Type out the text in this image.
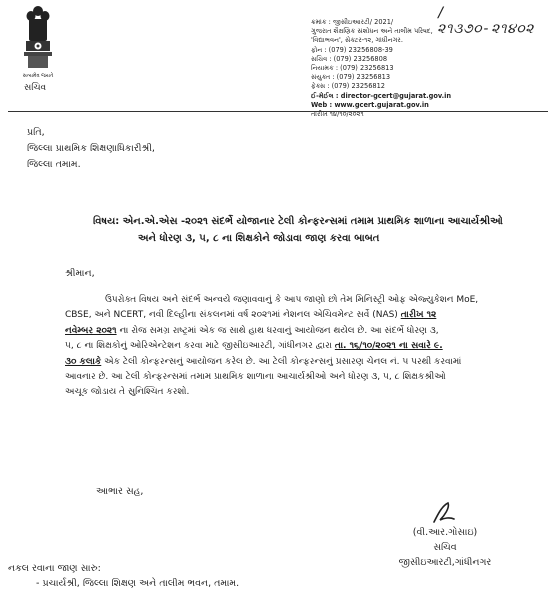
સત્યમેવ જયતે
સચિવ
/ ૨૧૩૭૦-૨૧૪૦૨
ક્રમાંક : જીસીઇઆરટી/ 2021/
ગુજરાત શૈક્ષણિક સંશોધન અને તાલીમ પરિષદ,
'વિદ્યાભવન', સેક્ટર-૧૨, ગાંધીનગર.
ફોન : (079) 23256808-39
સચિવ : (079) 23256808
નિયામક : (079) 23256813
સંયુક્ત : (079) 23256813
ફેક્સ : (079) 23256812
ઈ-મેઈલ : director-gcert@gujarat.gov.in
Web : www.gcert.gujarat.gov.in
તારીખ ૧૪/૧૦/૨૦૨૧
પ્રતિ,
જિલ્લા પ્રાથમિક શિક્ષણાધિકારીશ્રી,
જિલ્લા તમામ.
વિષય: એન.એ.એસ -૨૦૨૧ સંદર્ભે યોજાનાર ટેલી કોન્ફરન્સમાં તમામ પ્રાથમિક શાળાના આચાર્યશ્રીઓ
અને ધોરણ ૩, ૫, ૮ ના શિક્ષકોને જોડાવા જાણ કરવા બાબત
શ્રીમાન,
ઉપરોક્ત વિષય અને સંદર્ભ અન્વયે જણાવવાનું કે આપ જાણો છો તેમ મિનિસ્ટ્રી ઓફ એજ્યુકેશન MoE,
CBSE, અને NCERT, નવી દિલ્હીના સંકલનમાં વર્ષ ૨૦૨૧માં નેશનલ એચિવમેન્ટ સર્વે (NAS) તારીખ ૧૨
નવેમ્બર ૨૦૨૧ ના રોજ સમગ્ર રાષ્ટ્રમાં એક જ સાથે હાથ ધરવાનું આયોજન થયેલ છે. આ સંદર્ભે ધોરણ ૩,
૫, ૮ ના શિક્ષકોનું ઓરિએન્ટેશન કરવા માટે જીસીઇઆરટી, ગાંધીનગર દ્વારા તા. ૧૬/૧૦/૨૦૨૧ ના સવારે ૯.
૩૦ કલાકે એક ટેલી કોન્ફરન્સનું આયોજન કરેલ છે. આ ટેલી કોન્ફરન્સનું પ્રસારણ ચેનલ નં. ૫ પરથી કરવામાં
આવનાર છે. આ ટેલી કોન્ફરન્સમાં તમામ પ્રાથમિક શાળાના આચાર્યશ્રીઓ અને ધોરણ ૩, ૫, ૮ શિક્ષકશ્રીઓ
અચૂક જોડાય તે સુનિશ્ચિત કરશો.
આભાર સહ,
(વી.આર.ગોસાઇ)
સચિવ
જીસીઇઆરટી,ગાંધીનગર
નકલ રવાના જાણ સારુ:
- પ્રચાર્યશ્રી, જિલ્લા શિક્ષણ અને તાલીમ ભવન, તમામ.
